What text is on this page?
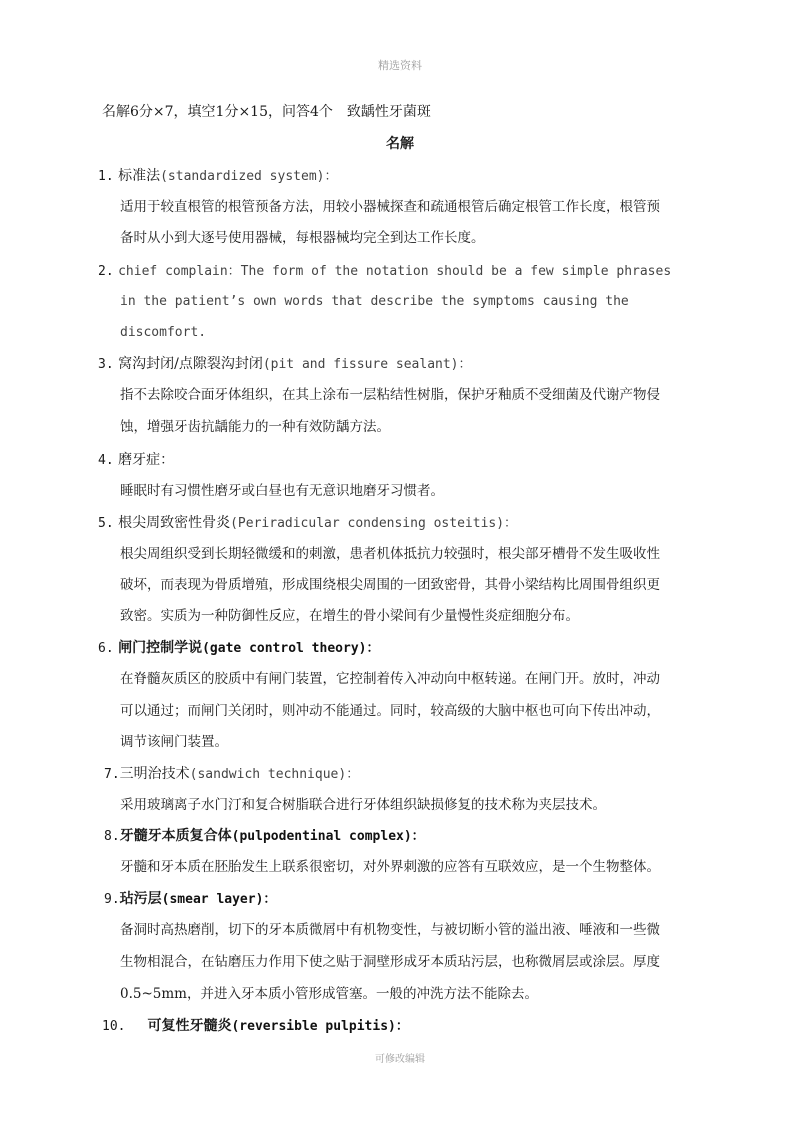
精选资料
名解6分×7，填空1分×15，问答4个　致龋性牙菌斑
名解
1. 标准法(standardized system)：
适用于较直根管的根管预备方法，用较小器械探查和疏通根管后确定根管工作长度，根管预
备时从小到大逐号使用器械，每根器械均完全到达工作长度。
2. chief complain：The form of the notation should be a few simple phrases
in the patient’s own words that describe the symptoms causing the
discomfort.
3. 窝沟封闭/点隙裂沟封闭(pit and fissure sealant)：
指不去除咬合面牙体组织，在其上涂布一层粘结性树脂，保护牙釉质不受细菌及代谢产物侵
蚀，增强牙齿抗龋能力的一种有效防龋方法。
4. 磨牙症：
睡眠时有习惯性磨牙或白昼也有无意识地磨牙习惯者。
5. 根尖周致密性骨炎(Periradicular condensing osteitis)：
根尖周组织受到长期轻微缓和的刺激，患者机体抵抗力较强时，根尖部牙槽骨不发生吸收性
破坏，而表现为骨质增殖，形成围绕根尖周围的一团致密骨，其骨小梁结构比周围骨组织更
致密。实质为一种防御性反应，在增生的骨小梁间有少量慢性炎症细胞分布。
6. 闸门控制学说(gate control theory)：
在脊髓灰质区的胶质中有闸门装置，它控制着传入冲动向中枢转递。在闸门开。放时，冲动
可以通过；而闸门关闭时，则冲动不能通过。同时，较高级的大脑中枢也可向下传出冲动，
调节该闸门装置。
7.三明治技术(sandwich technique)：
采用玻璃离子水门汀和复合树脂联合进行牙体组织缺损修复的技术称为夹层技术。
8.牙髓牙本质复合体(pulpodentinal complex)：
牙髓和牙本质在胚胎发生上联系很密切，对外界刺激的应答有互联效应，是一个生物整体。
9.玷污层(smear layer)：
备洞时高热磨削，切下的牙本质微屑中有机物变性，与被切断小管的溢出液、唾液和一些微
生物相混合，在钻磨压力作用下使之贴于洞壁形成牙本质玷污层，也称微屑层或涂层。厚度
0.5~5mm，并进入牙本质小管形成管塞。一般的冲洗方法不能除去。
10. 可复性牙髓炎(reversible pulpitis)：
可修改编辑
